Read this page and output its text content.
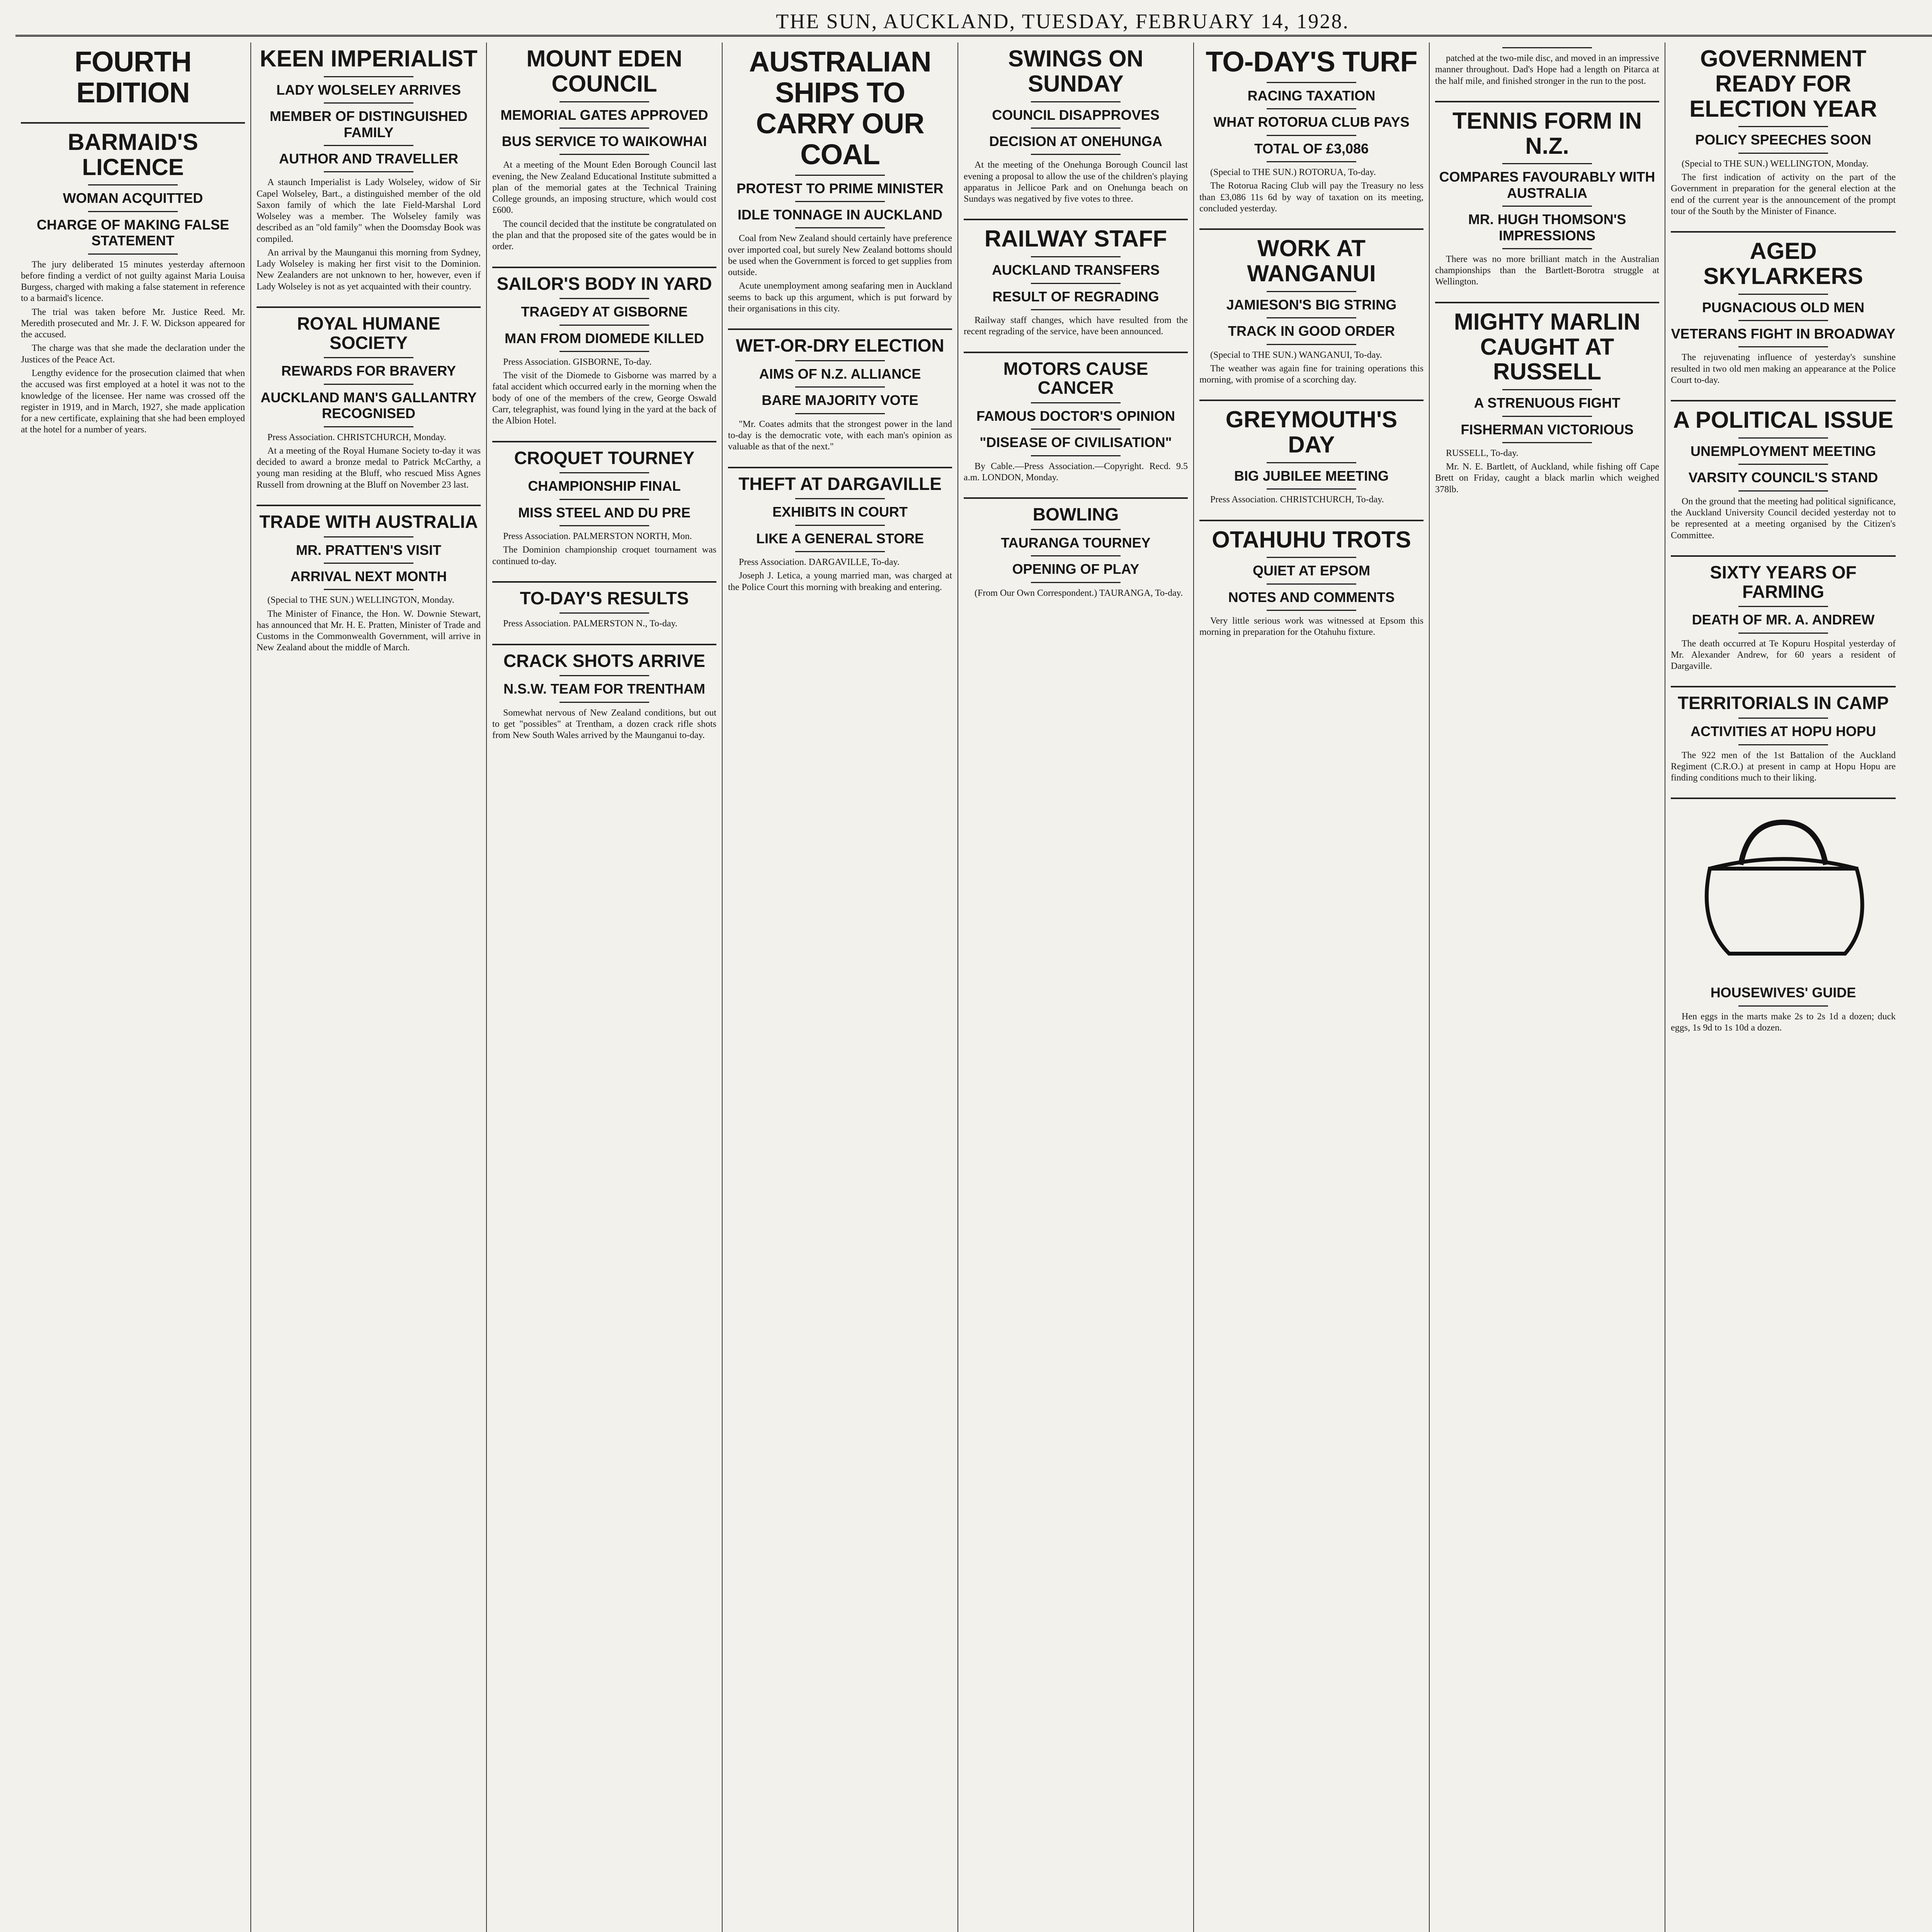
THE SUN, AUCKLAND, TUESDAY, FEBRUARY 14, 1928.
FOURTH EDITION
BARMAID'S LICENCE
WOMAN ACQUITTED
CHARGE OF MAKING FALSE STATEMENT

The jury deliberated 15 minutes yesterday afternoon before finding a verdict of not guilty against Maria Louisa Burgess, charged with making a false statement in reference to a barmaid's licence.

The trial was taken before Mr. Justice Reed. Mr. Meredith prosecuted and Mr. J. F. W. Dickson appeared for the accused.

The charge was that she made the declaration under the Justices of the Peace Act.

Lengthy evidence for the prosecution claimed that when the accused was first employed at a hotel it was not to the knowledge of the licensee. Her name was crossed off the register in 1919, and in March, 1927, she made application for a new certificate, explaining that she had been employed at the hotel for a number of years.

KEEN IMPERIALIST
LADY WOLSELEY ARRIVES
MEMBER OF DISTINGUISHED FAMILY
AUTHOR AND TRAVELLER

A staunch Imperialist is Lady Wolseley, widow of Sir Capel Wolseley, Bart., a distinguished member of the old Saxon family of which the late Field-Marshal Lord Wolseley was a member. The Wolseley family was described as an "old family" when the Doomsday Book was compiled.

An arrival by the Maunganui this morning from Sydney, Lady Wolseley is making her first visit to the Dominion. New Zealanders are not unknown to her, however, even if Lady Wolseley is not as yet acquainted with their country.

ROYAL HUMANE SOCIETY
REWARDS FOR BRAVERY
AUCKLAND MAN'S GALLANTRY RECOGNISED

Press Association. CHRISTCHURCH, Monday.

At a meeting of the Royal Humane Society to-day it was decided to award a bronze medal to Patrick McCarthy, a young man residing at the Bluff, who rescued Miss Agnes Russell from drowning at the Bluff on November 23 last.

TRADE WITH AUSTRALIA
MR. PRATTEN'S VISIT
ARRIVAL NEXT MONTH

(Special to THE SUN.) WELLINGTON, Monday.

The Minister of Finance, the Hon. W. Downie Stewart, has announced that Mr. H. E. Pratten, Minister of Trade and Customs in the Commonwealth Government, will arrive in New Zealand about the middle of March.

MOUNT EDEN COUNCIL
MEMORIAL GATES APPROVED
BUS SERVICE TO WAIKOWHAI

At a meeting of the Mount Eden Borough Council last evening, the New Zealand Educational Institute submitted a plan of the memorial gates at the Technical Training College grounds, an imposing structure, which would cost £600.

The council decided that the institute be congratulated on the plan and that the proposed site of the gates would be in order.

SAILOR'S BODY IN YARD
TRAGEDY AT GISBORNE
MAN FROM DIOMEDE KILLED

Press Association. GISBORNE, To-day.

The visit of the Diomede to Gisborne was marred by a fatal accident which occurred early in the morning when the body of one of the members of the crew, George Oswald Carr, telegraphist, was found lying in the yard at the back of the Albion Hotel.

CROQUET TOURNEY
CHAMPIONSHIP FINAL
MISS STEEL AND DU PRE

Press Association. PALMERSTON NORTH, Mon.

The Dominion championship croquet tournament was continued to-day.

TO-DAY'S RESULTS

Press Association. PALMERSTON N., To-day.

CRACK SHOTS ARRIVE
N.S.W. TEAM FOR TRENTHAM

Somewhat nervous of New Zealand conditions, but out to get "possibles" at Trentham, a dozen crack rifle shots from New South Wales arrived by the Maunganui to-day.

AUSTRALIAN SHIPS TO CARRY OUR COAL
PROTEST TO PRIME MINISTER
IDLE TONNAGE IN AUCKLAND

Coal from New Zealand should certainly have preference over imported coal, but surely New Zealand bottoms should be used when the Government is forced to get supplies from outside.

Acute unemployment among seafaring men in Auckland seems to back up this argument, which is put forward by their organisations in this city.

WET-OR-DRY ELECTION
AIMS OF N.Z. ALLIANCE
BARE MAJORITY VOTE

"Mr. Coates admits that the strongest power in the land to-day is the democratic vote, with each man's opinion as valuable as that of the next."

THEFT AT DARGAVILLE
EXHIBITS IN COURT
LIKE A GENERAL STORE

Press Association. DARGAVILLE, To-day.

Joseph J. Letica, a young married man, was charged at the Police Court this morning with breaking and entering.

SWINGS ON SUNDAY
COUNCIL DISAPPROVES
DECISION AT ONEHUNGA

At the meeting of the Onehunga Borough Council last evening a proposal to allow the use of the children's playing apparatus in Jellicoe Park and on Onehunga beach on Sundays was negatived by five votes to three.

RAILWAY STAFF
AUCKLAND TRANSFERS
RESULT OF REGRADING

Railway staff changes, which have resulted from the recent regrading of the service, have been announced.

MOTORS CAUSE CANCER
FAMOUS DOCTOR'S OPINION
"DISEASE OF CIVILISATION"

By Cable.—Press Association.—Copyright. Recd. 9.5 a.m. LONDON, Monday.

BOWLING
TAURANGA TOURNEY
OPENING OF PLAY

(From Our Own Correspondent.) TAURANGA, To-day.

TO-DAY'S TURF
RACING TAXATION
WHAT ROTORUA CLUB PAYS
TOTAL OF £3,086

(Special to THE SUN.) ROTORUA, To-day.

The Rotorua Racing Club will pay the Treasury no less than £3,086 11s 6d by way of taxation on its meeting, concluded yesterday.

WORK AT WANGANUI
JAMIESON'S BIG STRING
TRACK IN GOOD ORDER

(Special to THE SUN.) WANGANUI, To-day.

The weather was again fine for training operations this morning, with promise of a scorching day.

GREYMOUTH'S DAY
BIG JUBILEE MEETING

Press Association. CHRISTCHURCH, To-day.

OTAHUHU TROTS
QUIET AT EPSOM
NOTES AND COMMENTS

Very little serious work was witnessed at Epsom this morning in preparation for the Otahuhu fixture.

patched at the two-mile disc, and moved in an impressive manner throughout. Dad's Hope had a length on Pitarca at the half mile, and finished stronger in the run to the post.

TENNIS FORM IN N.Z.
COMPARES FAVOURABLY WITH AUSTRALIA
MR. HUGH THOMSON'S IMPRESSIONS

There was no more brilliant match in the Australian championships than the Bartlett-Borotra struggle at Wellington.

MIGHTY MARLIN CAUGHT AT RUSSELL
A STRENUOUS FIGHT
FISHERMAN VICTORIOUS

RUSSELL, To-day.

Mr. N. E. Bartlett, of Auckland, while fishing off Cape Brett on Friday, caught a black marlin which weighed 378lb.

GOVERNMENT READY FOR ELECTION YEAR
POLICY SPEECHES SOON

(Special to THE SUN.) WELLINGTON, Monday.

The first indication of activity on the part of the Government in preparation for the general election at the end of the current year is the announcement of the prompt tour of the South by the Minister of Finance.

AGED SKYLARKERS
PUGNACIOUS OLD MEN
VETERANS FIGHT IN BROADWAY

The rejuvenating influence of yesterday's sunshine resulted in two old men making an appearance at the Police Court to-day.

A POLITICAL ISSUE
UNEMPLOYMENT MEETING
VARSITY COUNCIL'S STAND

On the ground that the meeting had political significance, the Auckland University Council decided yesterday not to be represented at a meeting organised by the Citizen's Committee.

SIXTY YEARS OF FARMING
DEATH OF MR. A. ANDREW

The death occurred at Te Kopuru Hospital yesterday of Mr. Alexander Andrew, for 60 years a resident of Dargaville.

TERRITORIALS IN CAMP
ACTIVITIES AT HOPU HOPU

The 922 men of the 1st Battalion of the Auckland Regiment (C.R.O.) at present in camp at Hopu Hopu are finding conditions much to their liking.

HOUSEWIVES' GUIDE

Hen eggs in the marts make 2s to 2s 1d a dozen; duck eggs, 1s 9d to 1s 10d a dozen.
